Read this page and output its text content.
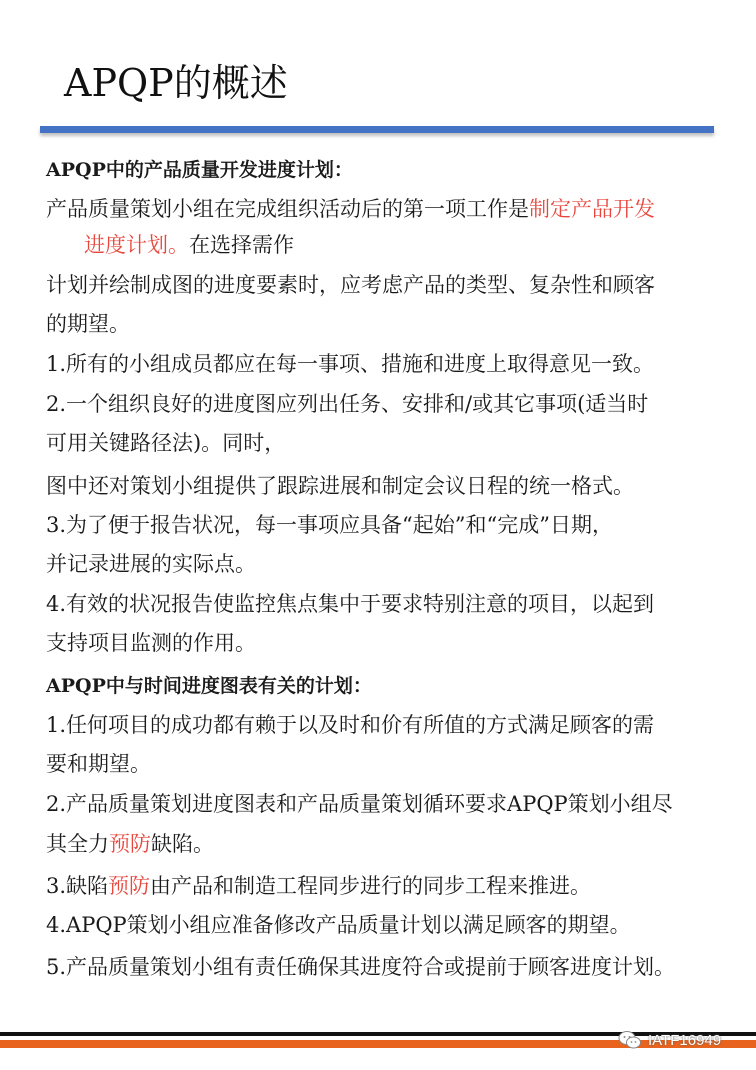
APQP的概述
APQP中的产品质量开发进度计划：
产品质量策划小组在完成组织活动后的第一项工作是制定产品开发
进度计划。在选择需作
计划并绘制成图的进度要素时，应考虑产品的类型、复杂性和顾客
的期望。
1.所有的小组成员都应在每一事项、措施和进度上取得意见一致。
2.一个组织良好的进度图应列出任务、安排和/或其它事项(适当时
可用关键路径法)。同时，
图中还对策划小组提供了跟踪进展和制定会议日程的统一格式。
3.为了便于报告状况，每一事项应具备“起始”和“完成”日期，
并记录进展的实际点。
4.有效的状况报告使监控焦点集中于要求特别注意的项目，以起到
支持项目监测的作用。
APQP中与时间进度图表有关的计划：
1.任何项目的成功都有赖于以及时和价有所值的方式满足顾客的需
要和期望。
2.产品质量策划进度图表和产品质量策划循环要求APQP策划小组尽
其全力预防缺陷。
3.缺陷预防由产品和制造工程同步进行的同步工程来推进。
4.APQP策划小组应准备修改产品质量计划以满足顾客的期望。
5.产品质量策划小组有责任确保其进度符合或提前于顾客进度计划。
IATF16949
